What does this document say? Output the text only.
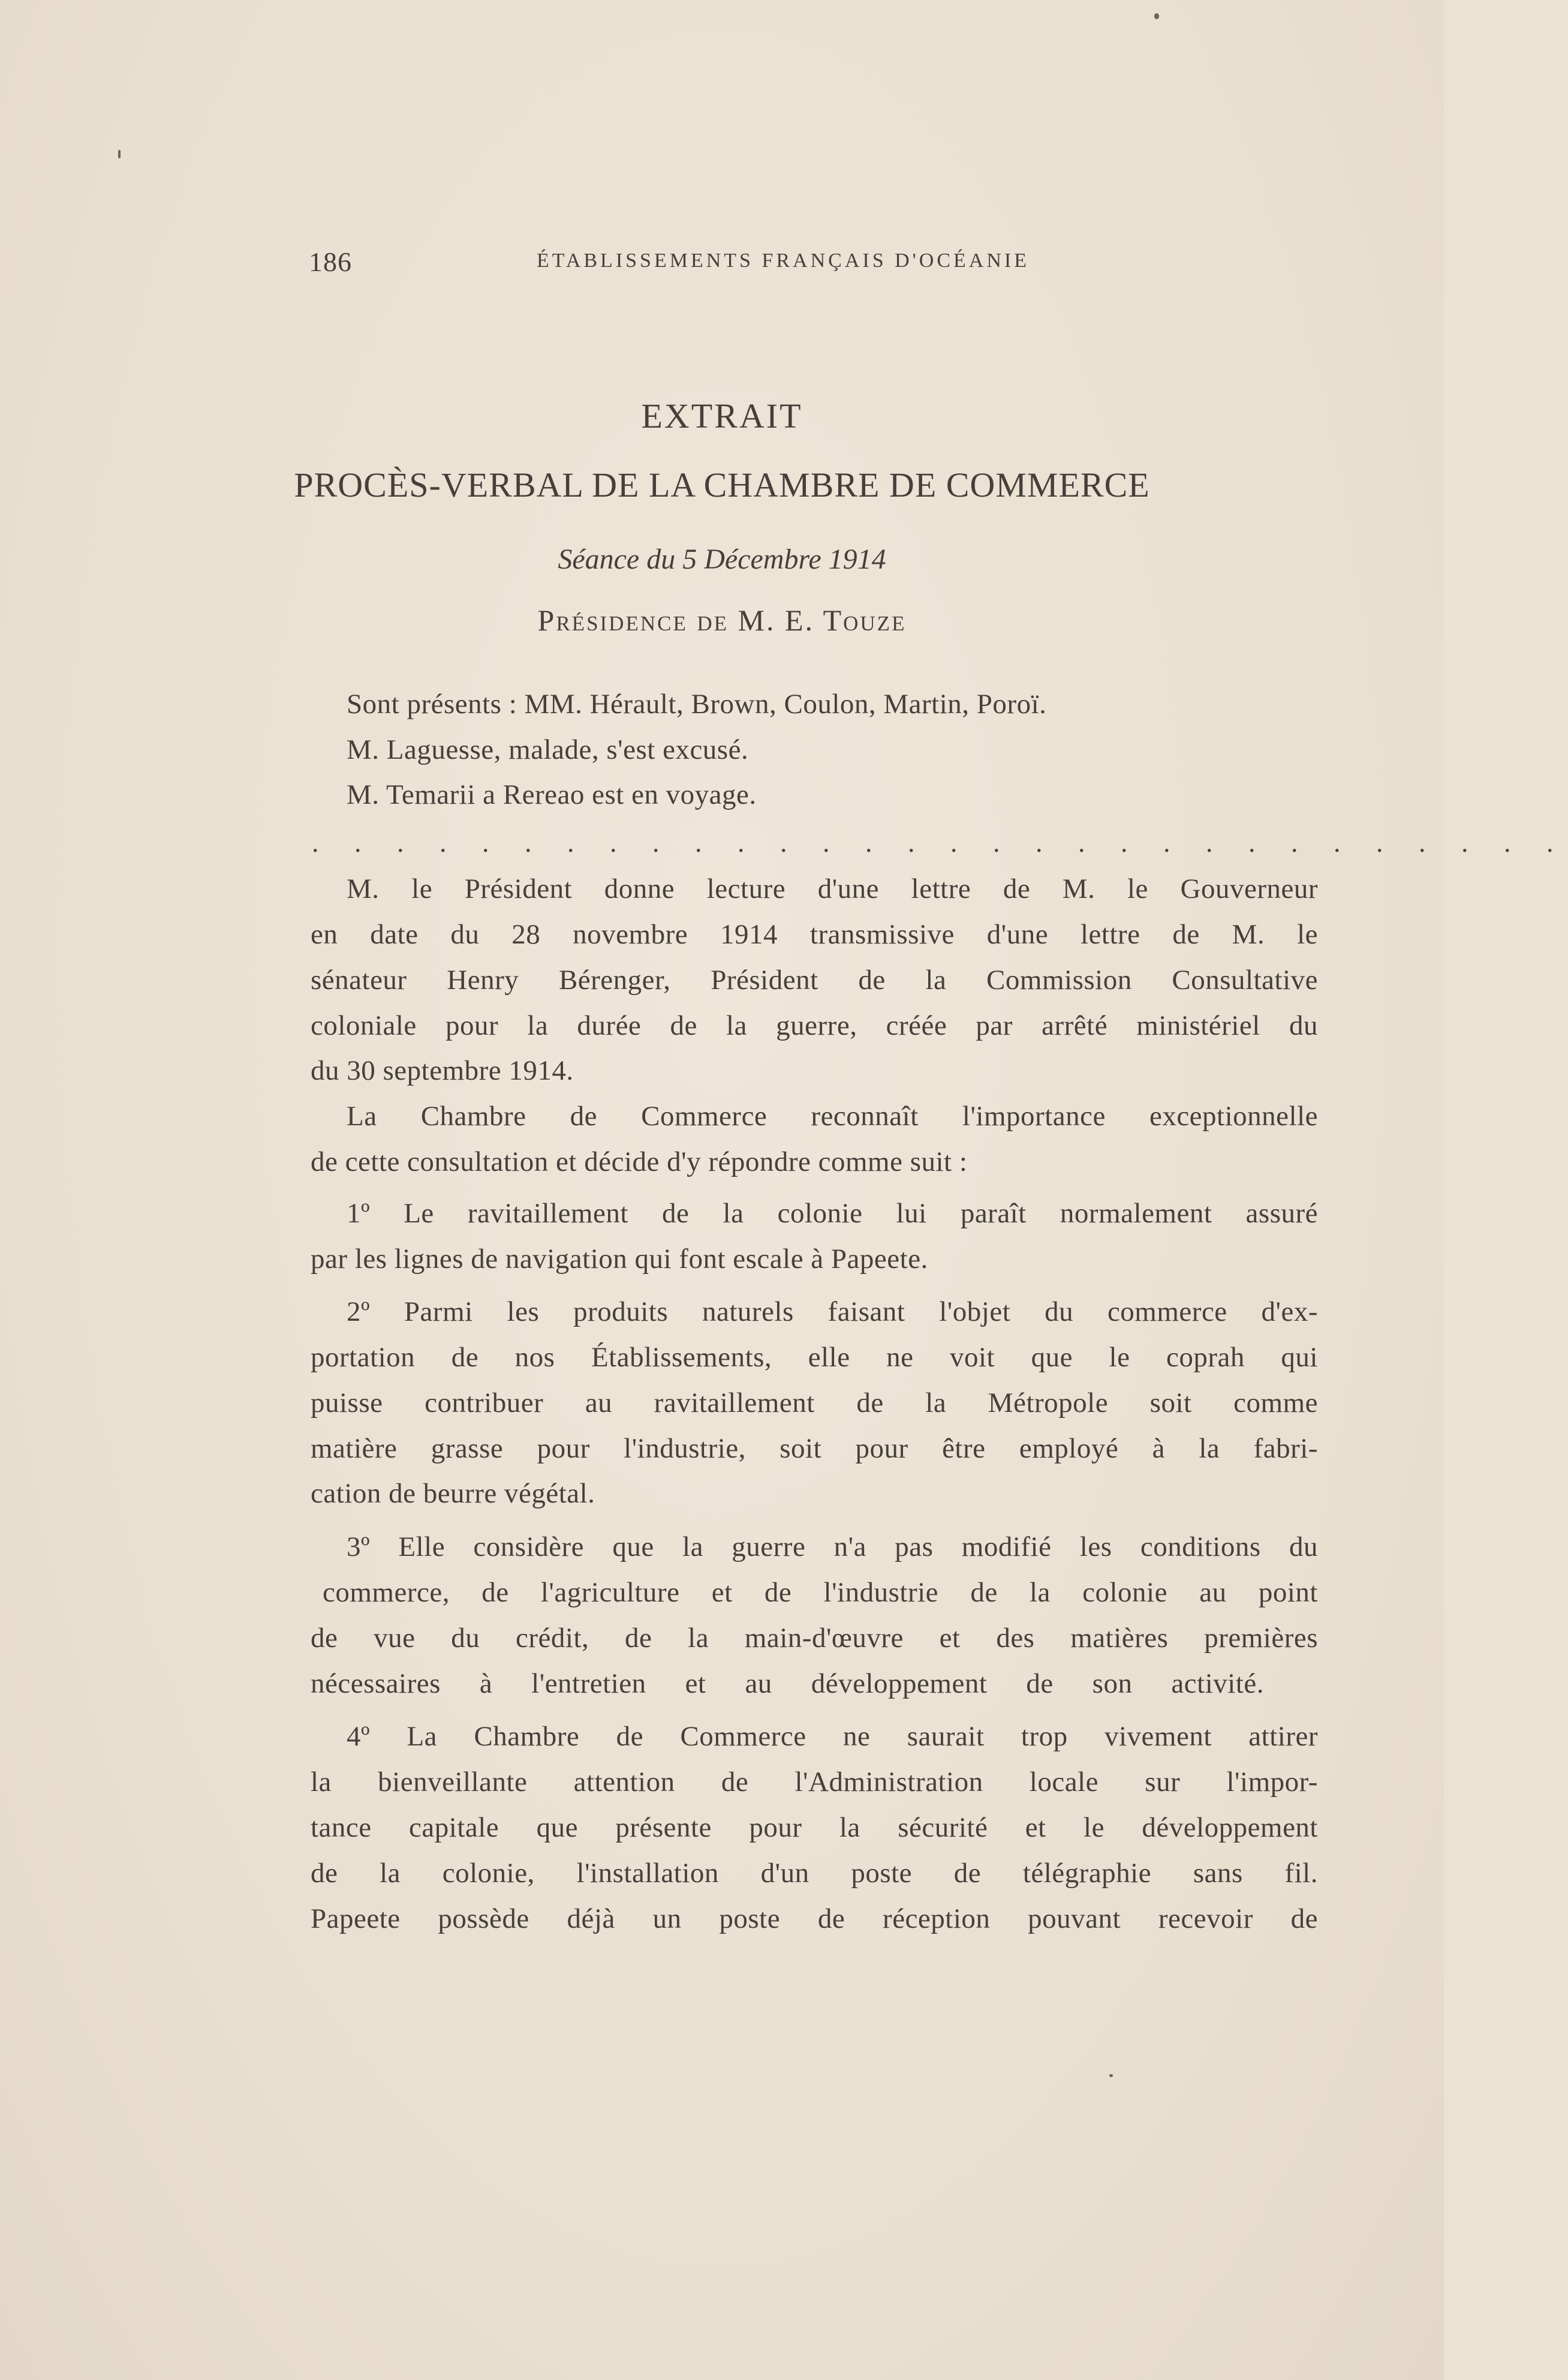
186	ÉTABLISSEMENTS FRANÇAIS D'OCÉANIE
EXTRAIT
PROCÈS-VERBAL DE LA CHAMBRE DE COMMERCE
Séance du 5 Décembre 1914
Présidence de M. E. Touze
Sont présents : MM. Hérault, Brown, Coulon, Martin, Poroï.
M. Laguesse, malade, s'est excusé.
M. Temarii a Rereao est en voyage.
. . . . . . . . . . . . . . . . . . . . . . . . . . . . . .
M. le Président donne lecture d'une lettre de M. le Gouverneur
en date du 28 novembre 1914 transmissive d'une lettre de M. le
sénateur Henry Bérenger, Président de la Commission Consultative
coloniale pour la durée de la guerre, créée par arrêté ministériel du
du 30 septembre 1914.
La Chambre de Commerce reconnaît l'importance exceptionnelle
de cette consultation et décide d'y répondre comme suit :
1º Le ravitaillement de la colonie lui paraît normalement assuré
par les lignes de navigation qui font escale à Papeete.
2º Parmi les produits naturels faisant l'objet du commerce d'ex-
portation de nos Établissements, elle ne voit que le coprah qui
puisse contribuer au ravitaillement de la Métropole soit comme
matière grasse pour l'industrie, soit pour être employé à la fabri-
cation de beurre végétal.
3º Elle considère que la guerre n'a pas modifié les conditions du
commerce, de l'agriculture et de l'industrie de la colonie au point
de vue du crédit, de la main-d'œuvre et des matières premières
nécessaires à l'entretien et au développement de son activité.
4º La Chambre de Commerce ne saurait trop vivement attirer
la bienveillante attention de l'Administration locale sur l'impor-
tance capitale que présente pour la sécurité et le développement
de la colonie, l'installation d'un poste de télégraphie sans fil.
Papeete possède déjà un poste de réception pouvant recevoir de
